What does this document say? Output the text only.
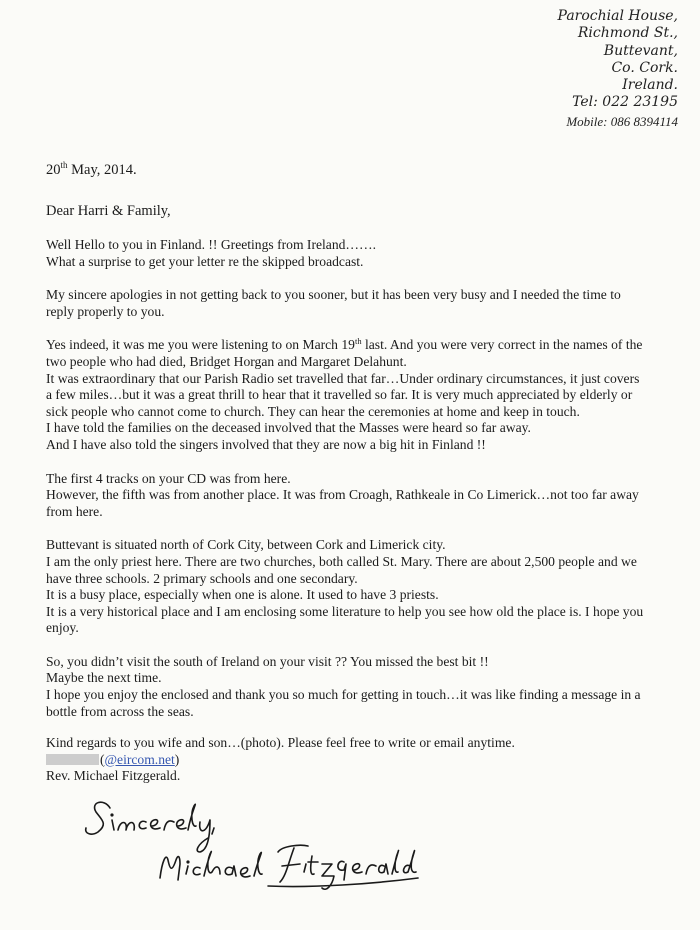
Parochial House,
Richmond St.,
Buttevant,
Co. Cork.
Ireland.
Tel: 022 23195
Mobile: 086 8394114
20th May, 2014.
Dear Harri & Family,

Well Hello to you in Finland. !! Greetings from Ireland…….
What a surprise to get your letter re the skipped broadcast.

My sincere apologies in not getting back to you sooner, but it has been very busy and I needed the time to
reply properly to you.

Yes indeed, it was me you were listening to on March 19th last. And you were very correct in the names of the
two people who had died, Bridget Horgan and Margaret Delahunt.
It was extraordinary that our Parish Radio set travelled that far…Under ordinary circumstances, it just covers
a few miles…but it was a great thrill to hear that it travelled so far. It is very much appreciated by elderly or
sick people who cannot come to church. They can hear the ceremonies at home and keep in touch.
I have told the families on the deceased involved that the Masses were heard so far away.
And I have also told the singers involved that they are now a big hit in Finland !!

The first 4 tracks on your CD was from here.
However, the fifth was from another place. It was from Croagh, Rathkeale in Co Limerick…not too far away
from here.

Buttevant is situated north of Cork City, between Cork and Limerick city.
I am the only priest here. There are two churches, both called St. Mary. There are about 2,500 people and we
have three schools. 2 primary schools and one secondary.
It is a busy place, especially when one is alone. It used to have 3 priests.
It is a very historical place and I am enclosing some literature to help you see how old the place is. I hope you
enjoy.

So, you didn’t visit the south of Ireland on your visit ?? You missed the best bit !!
Maybe the next time.
I hope you enjoy the enclosed and thank you so much for getting in touch…it was like finding a message in a
bottle from across the seas.

Kind regards to you wife and son…(photo). Please feel free to write or email anytime.
(@eircom.net)
Rev. Michael Fitzgerald.
